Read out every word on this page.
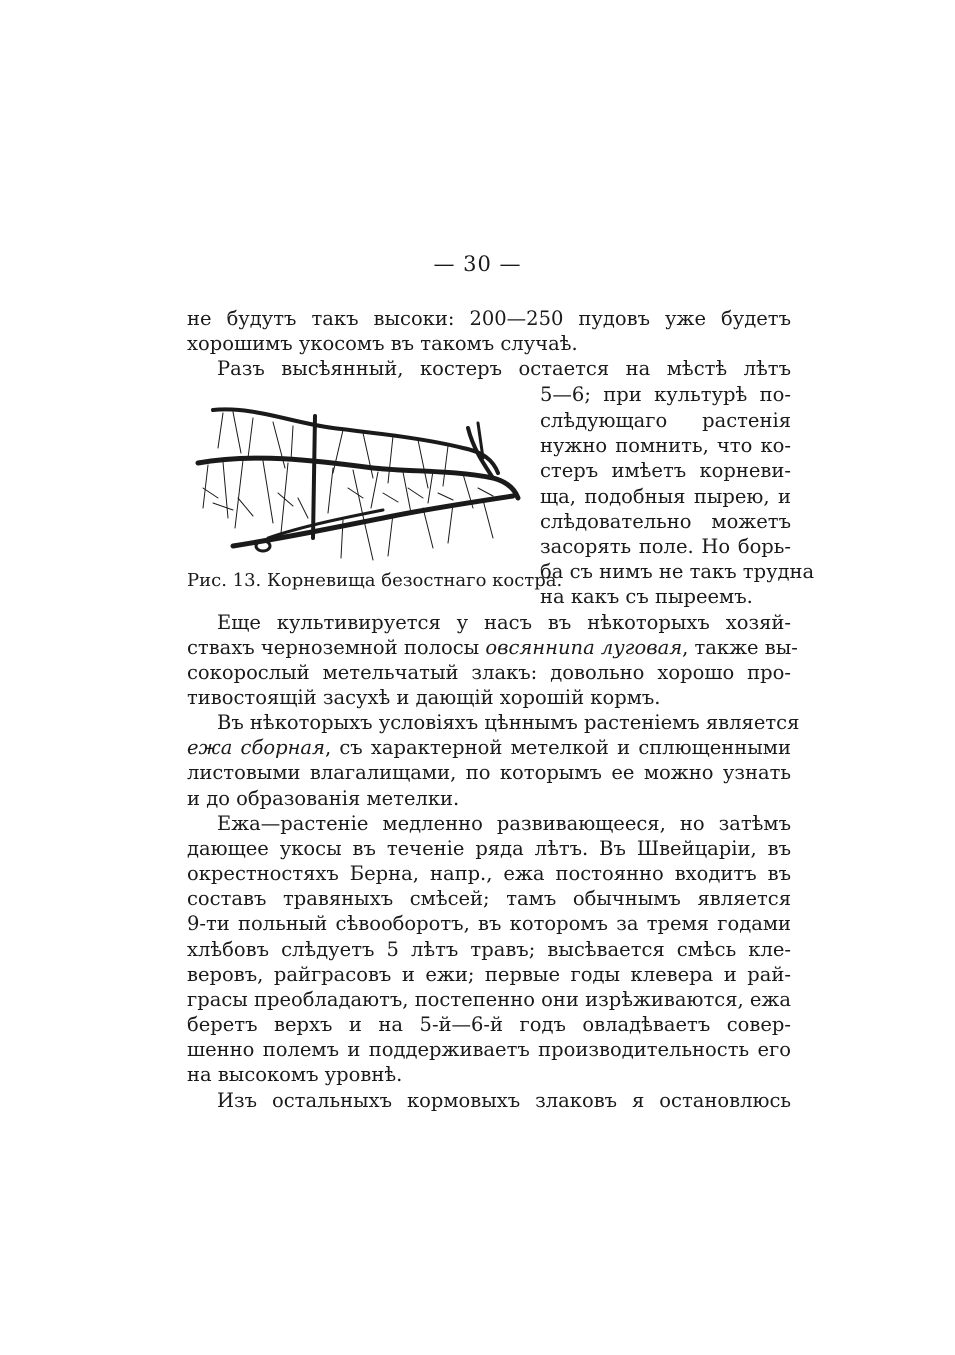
— 30 —
не будутъ такъ высоки: 200—250 пудовъ уже будетъ
хорошимъ укосомъ въ такомъ случаѣ.
Разъ высѣянный, костеръ остается на мѣстѣ лѣтъ
5—6; при культурѣ по-
слѣдующаго растенія
нужно помнить, что ко-
стеръ имѣетъ корневи-
ща, подобныя пырею, и
слѣдовательно можетъ
засорять поле. Но борь-
ба съ нимъ не такъ трудна
на какъ съ пыреемъ.
Рис. 13. Корневища безостнаго костра.
Еще культивируется у насъ въ нѣкоторыхъ хозяй-
ствахъ черноземной полосы овсяннипа луговая, также вы-
сокорослый метельчатый злакъ: довольно хорошо про-
тивостоящій засухѣ и дающій хорошій кормъ.
Въ нѣкоторыхъ условіяхъ цѣннымъ растеніемъ является
ежа сборная, съ характерной метелкой и сплющенными
листовыми влагалищами, по которымъ ее можно узнать
и до образованія метелки.
Ежа—растеніе медленно развивающееся, но затѣмъ
дающее укосы въ теченіе ряда лѣтъ. Въ Швейцаріи, въ
окрестностяхъ Берна, напр., ежа постоянно входитъ въ
составъ травяныхъ смѣсей; тамъ обычнымъ является
9-ти польный сѣвооборотъ, въ которомъ за тремя годами
хлѣбовъ слѣдуетъ 5 лѣтъ травъ; высѣвается смѣсь кле-
веровъ, райграсовъ и ежи; первые годы клевера и рай-
грасы преобладаютъ, постепенно они изрѣживаются, ежа
беретъ верхъ и на 5-й—6-й годъ овладѣваетъ совер-
шенно полемъ и поддерживаетъ производительность его
на высокомъ уровнѣ.
Изъ остальныхъ кормовыхъ злаковъ я остановлюсь
